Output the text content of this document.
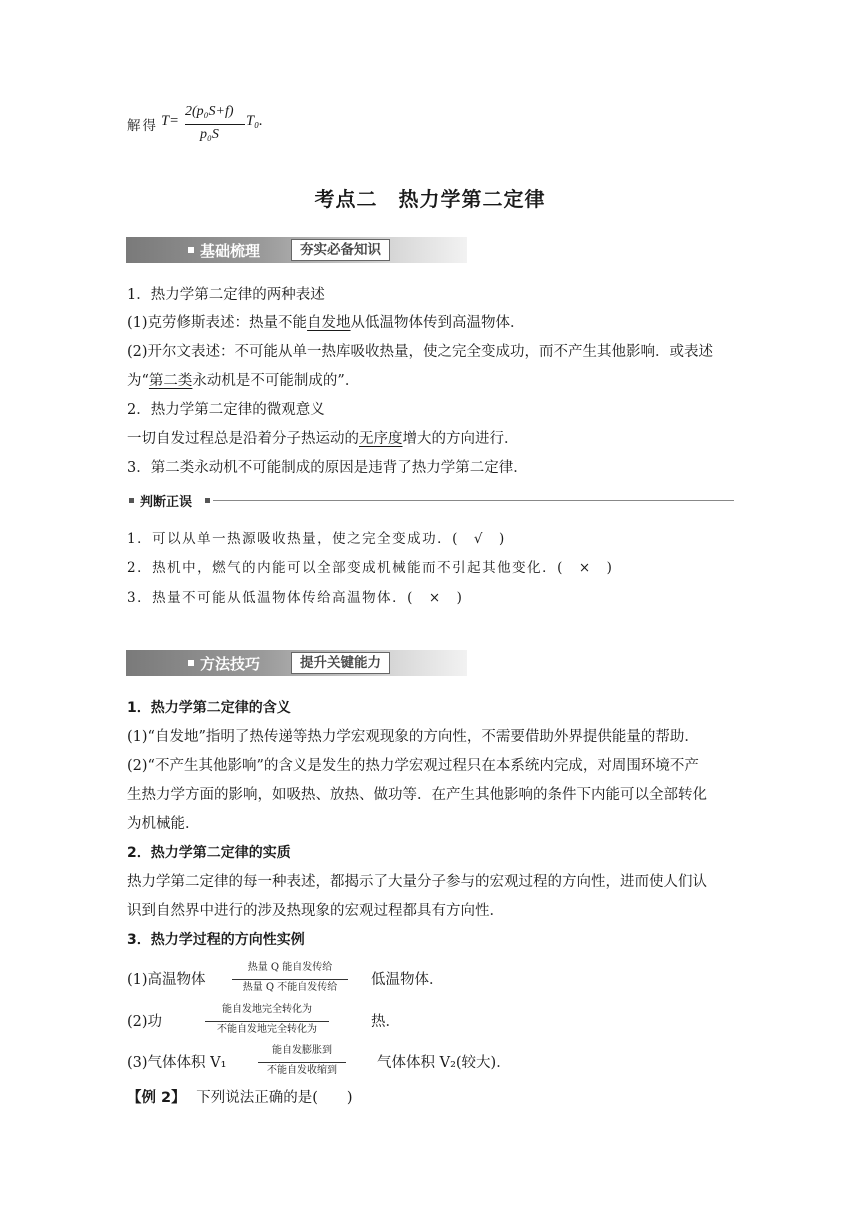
解得 T=
2(p₀S+f)
p₀S
T₀.
考点二　热力学第二定律
基础梳理	夯实必备知识
1．热力学第二定律的两种表述
(1)克劳修斯表述：热量不能自发地从低温物体传到高温物体．
(2)开尔文表述：不可能从单一热库吸收热量，使之完全变成功，而不产生其他影响．或表述
为“第二类永动机是不可能制成的”．
2．热力学第二定律的微观意义
一切自发过程总是沿着分子热运动的无序度增大的方向进行．
3．第二类永动机不可能制成的原因是违背了热力学第二定律．
判断正误
1．可以从单一热源吸收热量，使之完全变成功．(　√　)
2．热机中，燃气的内能可以全部变成机械能而不引起其他变化．(　×　)
3．热量不可能从低温物体传给高温物体．(　×　)
方法技巧	提升关键能力
1．热力学第二定律的含义
(1)“自发地”指明了热传递等热力学宏观现象的方向性，不需要借助外界提供能量的帮助．
(2)“不产生其他影响”的含义是发生的热力学宏观过程只在本系统内完成，对周围环境不产
生热力学方面的影响，如吸热、放热、做功等．在产生其他影响的条件下内能可以全部转化
为机械能．
2．热力学第二定律的实质
热力学第二定律的每一种表述，都揭示了大量分子参与的宏观过程的方向性，进而使人们认
识到自然界中进行的涉及热现象的宏观过程都具有方向性．
3．热力学过程的方向性实例
(1)高温物体
热量 Q 能自发传给
热量 Q 不能自发传给	低温物体．
(2)功
能自发地完全转化为
不能自发地完全转化为	热．
(3)气体体积 V₁
能自发膨胀到
不能自发收缩到	气体体积 V₂(较大)．
【例 2】 下列说法正确的是(　　)
